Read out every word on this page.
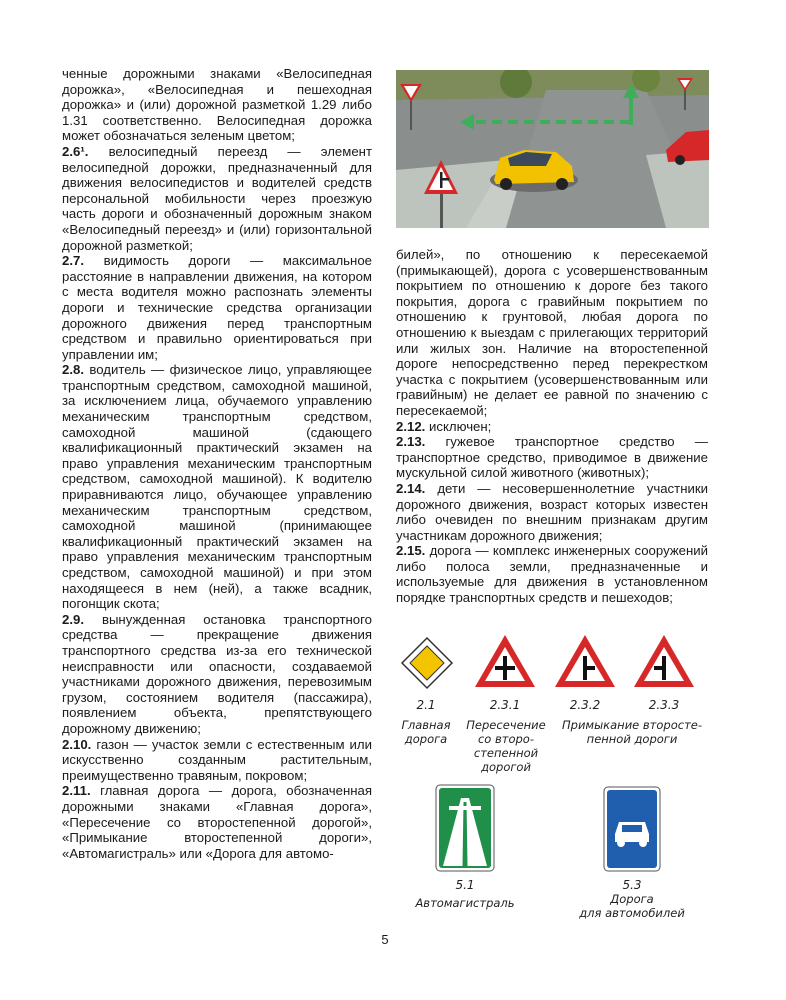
ченные дорожными знаками «Велосипедная дорожка», «Велосипедная и пешеходная дорожка» и (или) дорожной разметкой 1.29 либо 1.31 соответственно. Велосипедная дорожка может обозначаться зеленым цветом;

2.6¹. велосипедный переезд — элемент велосипедной дорожки, предназначенный для движения велосипедистов и водителей средств персональной мобильности через проезжую часть дороги и обозначенный дорожным знаком «Велосипедный переезд» и (или) горизонтальной дорожной разметкой;

2.7. видимость дороги — максимальное расстояние в направлении движения, на котором с места водителя можно распознать элементы дороги и технические средства организации дорожного движения перед транспортным средством и правильно ориентироваться при управлении им;

2.8. водитель — физическое лицо, управляющее транспортным средством, самоходной машиной, за исключением лица, обучаемого управлению механическим транспортным средством, самоходной машиной (сдающего квалификационный практический экзамен на право управления механическим транспортным средством, самоходной машиной). К водителю приравниваются лицо, обучающее управлению механическим транспортным средством, самоходной машиной (принимающее квалификационный практический экзамен на право управления механическим транспортным средством, самоходной машиной) и при этом находящееся в нем (ней), а также всадник, погонщик скота;

2.9. вынужденная остановка транспортного средства — прекращение движения транспортного средства из-за его технической неисправности или опасности, создаваемой участниками дорожного движения, перевозимым грузом, состоянием водителя (пассажира), появлением объекта, препятствующего дорожному движению;

2.10. газон — участок земли с естественным или искусственно созданным растительным, преимущественно травяным, покровом;

2.11. главная дорога — дорога, обозначенная дорожными знаками «Главная дорога», «Пересечение со второстепенной дорогой», «Примыкание второстепенной дороги», «Автомагистраль» или «Дорога для автомо-

билей», по отношению к пересекаемой (примыкающей), дорога с усовершенствованным покрытием по отношению к дороге без такого покрытия, дорога с гравийным покрытием по отношению к грунтовой, любая дорога по отношению к выездам с прилегающих территорий или жилых зон. Наличие на второстепенной дороге непосредственно перед перекрестком участка с покрытием (усовершенствованным или гравийным) не делает ее равной по значению с пересекаемой;

2.12. исключен;

2.13. гужевое транспортное средство — транспортное средство, приводимое в движение мускульной силой животного (животных);

2.14. дети — несовершеннолетние участники дорожного движения, возраст которых известен либо очевиден по внешним признакам другим участникам дорожного движения;

2.15. дорога — комплекс инженерных сооружений либо полоса земли, предназначенные и используемые для движения в установленном порядке транспортных средств и пешеходов;

2.1	2.3.1	2.3.2	2.3.3
Главная
дорога
Пересечение
со второ-
степенной
дорогой
Примыкание второсте-
пенной дороги
5.1	5.3
Автомагистраль	Дорога
для автомобилей
5
